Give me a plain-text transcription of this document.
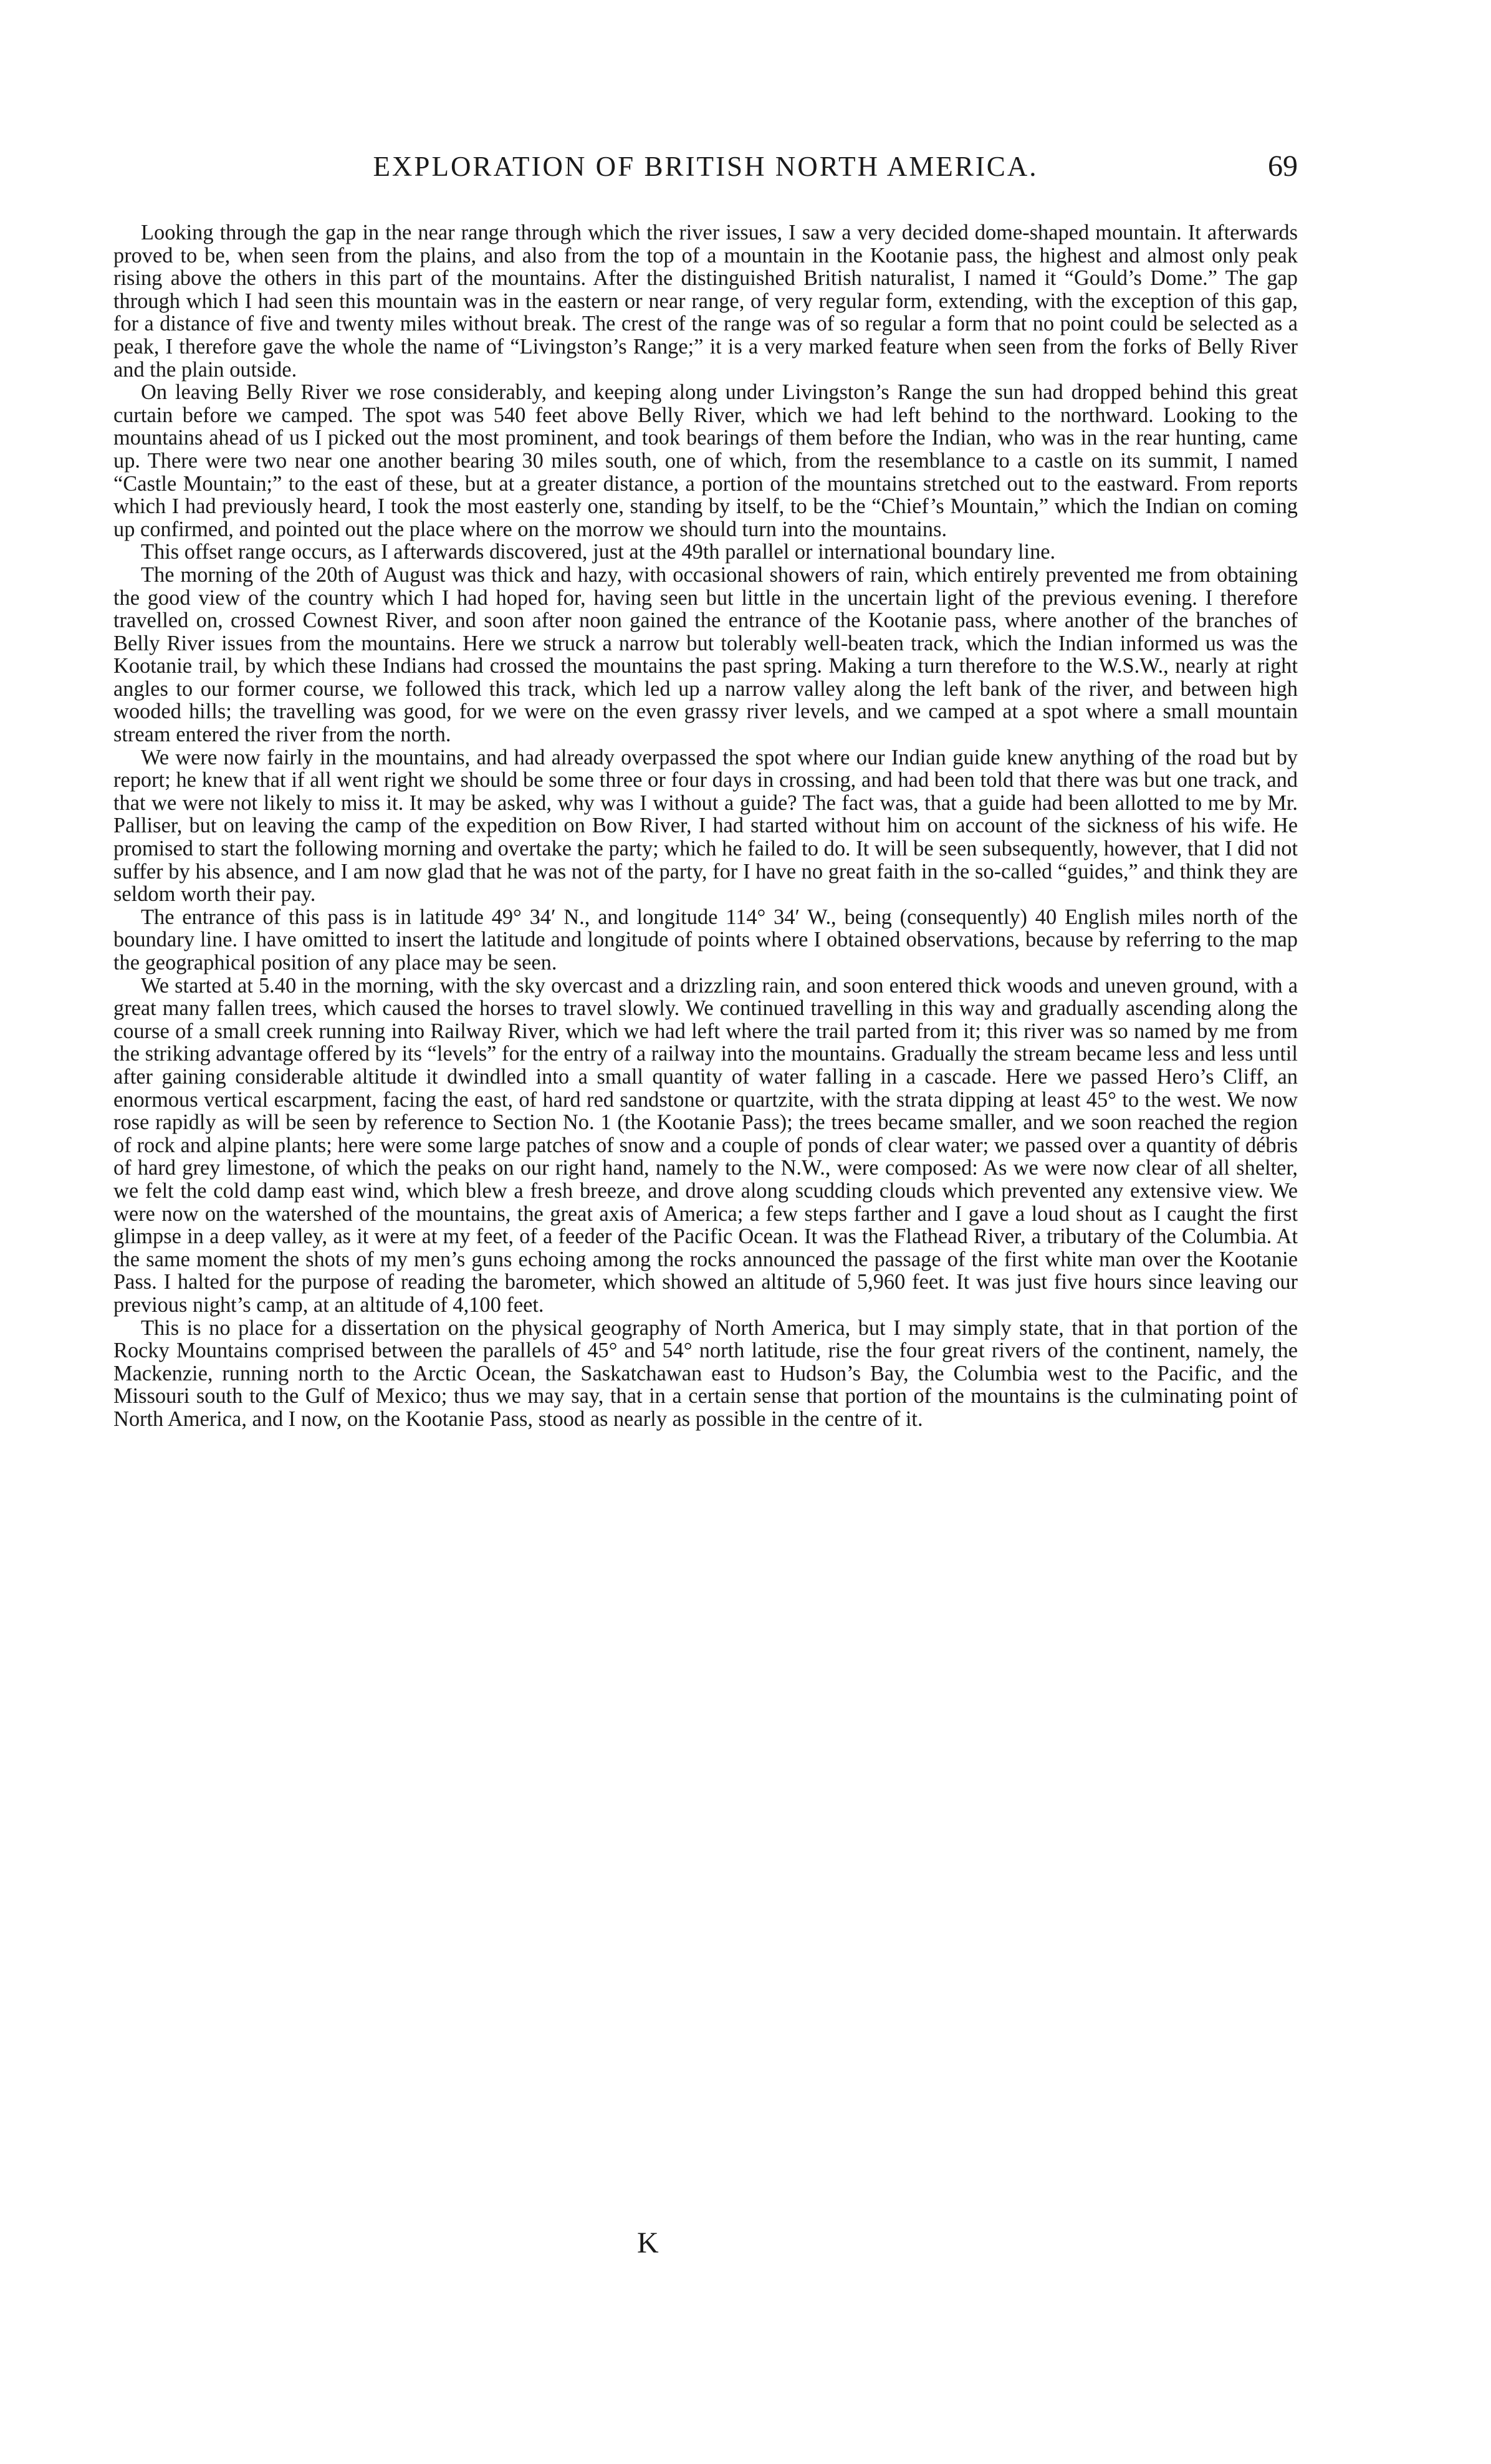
EXPLORATION OF BRITISH NORTH AMERICA.	69

Looking through the gap in the near range through which the river issues, I saw a very decided dome-shaped mountain. It afterwards proved to be, when seen from the plains, and also from the top of a mountain in the Kootanie pass, the highest and almost only peak rising above the others in this part of the mountains. After the distinguished British naturalist, I named it “Gould’s Dome.” The gap through which I had seen this mountain was in the eastern or near range, of very regular form, extending, with the exception of this gap, for a distance of five and twenty miles without break. The crest of the range was of so regular a form that no point could be selected as a peak, I therefore gave the whole the name of “Livingston’s Range;” it is a very marked feature when seen from the forks of Belly River and the plain outside.

On leaving Belly River we rose considerably, and keeping along under Livingston’s Range the sun had dropped behind this great curtain before we camped. The spot was 540 feet above Belly River, which we had left behind to the northward. Looking to the mountains ahead of us I picked out the most prominent, and took bearings of them before the Indian, who was in the rear hunting, came up. There were two near one another bearing 30 miles south, one of which, from the resemblance to a castle on its summit, I named “Castle Mountain;” to the east of these, but at a greater distance, a portion of the mountains stretched out to the eastward. From reports which I had previously heard, I took the most easterly one, standing by itself, to be the “Chief’s Mountain,” which the Indian on coming up confirmed, and pointed out the place where on the morrow we should turn into the mountains.

This offset range occurs, as I afterwards discovered, just at the 49th parallel or international boundary line.

The morning of the 20th of August was thick and hazy, with occasional showers of rain, which entirely prevented me from obtaining the good view of the country which I had hoped for, having seen but little in the uncertain light of the previous evening. I therefore travelled on, crossed Cownest River, and soon after noon gained the entrance of the Kootanie pass, where another of the branches of Belly River issues from the mountains. Here we struck a narrow but tolerably well-beaten track, which the Indian informed us was the Kootanie trail, by which these Indians had crossed the mountains the past spring. Making a turn therefore to the W.S.W., nearly at right angles to our former course, we followed this track, which led up a narrow valley along the left bank of the river, and between high wooded hills; the travelling was good, for we were on the even grassy river levels, and we camped at a spot where a small mountain stream entered the river from the north.

We were now fairly in the mountains, and had already overpassed the spot where our Indian guide knew anything of the road but by report; he knew that if all went right we should be some three or four days in crossing, and had been told that there was but one track, and that we were not likely to miss it. It may be asked, why was I without a guide? The fact was, that a guide had been allotted to me by Mr. Palliser, but on leaving the camp of the expedition on Bow River, I had started without him on account of the sickness of his wife. He promised to start the following morning and overtake the party; which he failed to do. It will be seen subsequently, however, that I did not suffer by his absence, and I am now glad that he was not of the party, for I have no great faith in the so-called “guides,” and think they are seldom worth their pay.

The entrance of this pass is in latitude 49° 34′ N., and longitude 114° 34′ W., being (consequently) 40 English miles north of the boundary line. I have omitted to insert the latitude and longitude of points where I obtained observations, because by referring to the map the geographical position of any place may be seen.

We started at 5.40 in the morning, with the sky overcast and a drizzling rain, and soon entered thick woods and uneven ground, with a great many fallen trees, which caused the horses to travel slowly. We continued travelling in this way and gradually ascending along the course of a small creek running into Railway River, which we had left where the trail parted from it; this river was so named by me from the striking advantage offered by its “levels” for the entry of a railway into the mountains. Gradually the stream became less and less until after gaining considerable altitude it dwindled into a small quantity of water falling in a cascade. Here we passed Hero’s Cliff, an enormous vertical escarpment, facing the east, of hard red sandstone or quartzite, with the strata dipping at least 45° to the west. We now rose rapidly as will be seen by reference to Section No. 1 (the Kootanie Pass); the trees became smaller, and we soon reached the region of rock and alpine plants; here were some large patches of snow and a couple of ponds of clear water; we passed over a quantity of débris of hard grey limestone, of which the peaks on our right hand, namely to the N.W., were composed: As we were now clear of all shelter, we felt the cold damp east wind, which blew a fresh breeze, and drove along scudding clouds which prevented any extensive view. We were now on the watershed of the mountains, the great axis of America; a few steps farther and I gave a loud shout as I caught the first glimpse in a deep valley, as it were at my feet, of a feeder of the Pacific Ocean. It was the Flathead River, a tributary of the Columbia. At the same moment the shots of my men’s guns echoing among the rocks announced the passage of the first white man over the Kootanie Pass. I halted for the purpose of reading the barometer, which showed an altitude of 5,960 feet. It was just five hours since leaving our previous night’s camp, at an altitude of 4,100 feet.

This is no place for a dissertation on the physical geography of North America, but I may simply state, that in that portion of the Rocky Mountains comprised between the parallels of 45° and 54° north latitude, rise the four great rivers of the continent, namely, the Mackenzie, running north to the Arctic Ocean, the Saskatchawan east to Hudson’s Bay, the Columbia west to the Pacific, and the Missouri south to the Gulf of Mexico; thus we may say, that in a certain sense that portion of the mountains is the culminating point of North America, and I now, on the Kootanie Pass, stood as nearly as possible in the centre of it.

K
